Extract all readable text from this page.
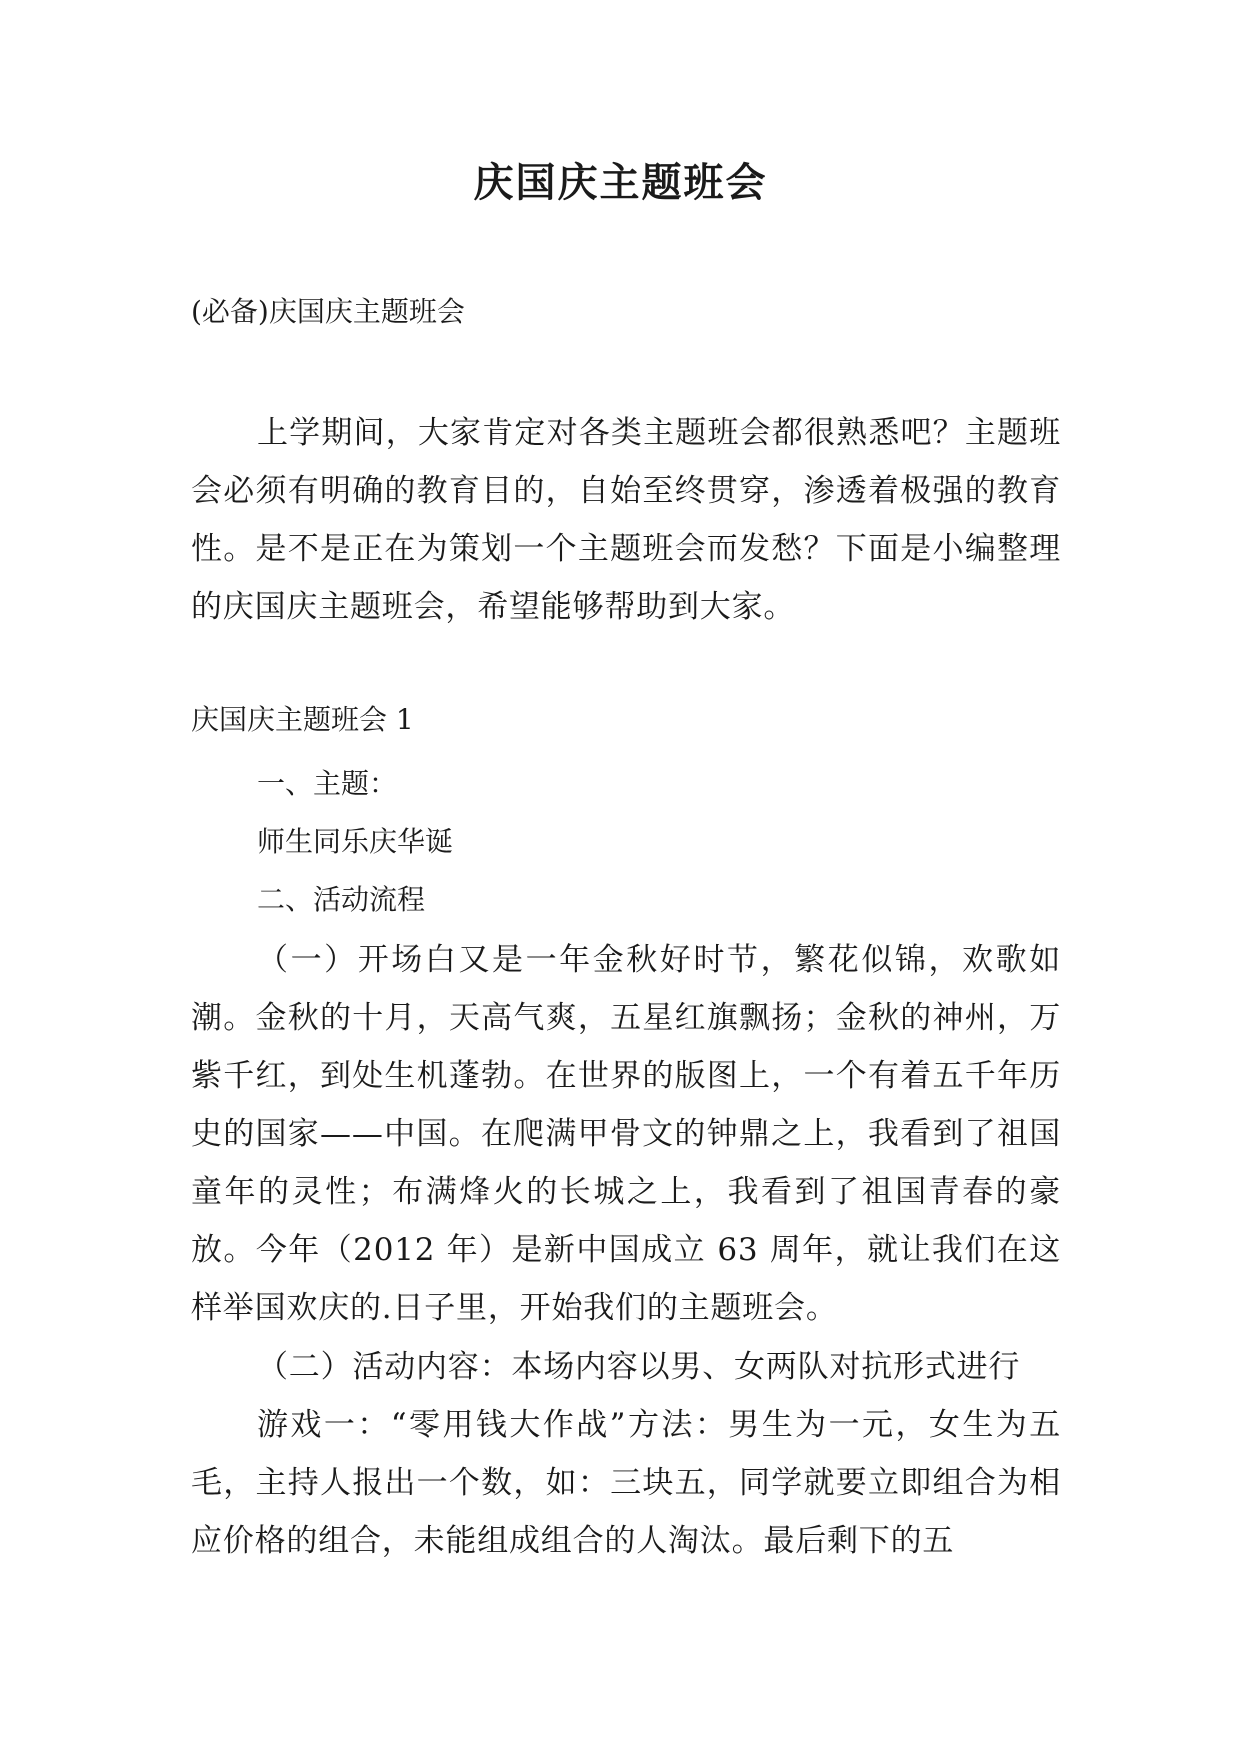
庆国庆主题班会

(必备)庆国庆主题班会

上学期间，大家肯定对各类主题班会都很熟悉吧？主题班会必须有明确的教育目的，自始至终贯穿，渗透着极强的教育性。是不是正在为策划一个主题班会而发愁？下面是小编整理的庆国庆主题班会，希望能够帮助到大家。

庆国庆主题班会 1

一、主题：

师生同乐庆华诞

二、活动流程

（一）开场白又是一年金秋好时节，繁花似锦，欢歌如潮。金秋的十月，天高气爽，五星红旗飘扬；金秋的神州，万紫千红，到处生机蓬勃。在世界的版图上，一个有着五千年历史的国家——中国。在爬满甲骨文的钟鼎之上，我看到了祖国童年的灵性；布满烽火的长城之上，我看到了祖国青春的豪放。今年（2012 年）是新中国成立 63 周年，就让我们在这样举国欢庆的.日子里，开始我们的主题班会。

（二）活动内容：本场内容以男、女两队对抗形式进行

游戏一：“零用钱大作战”方法：男生为一元，女生为五毛，主持人报出一个数，如：三块五，同学就要立即组合为相应价格的组合，未能组成组合的人淘汰。最后剩下的五
